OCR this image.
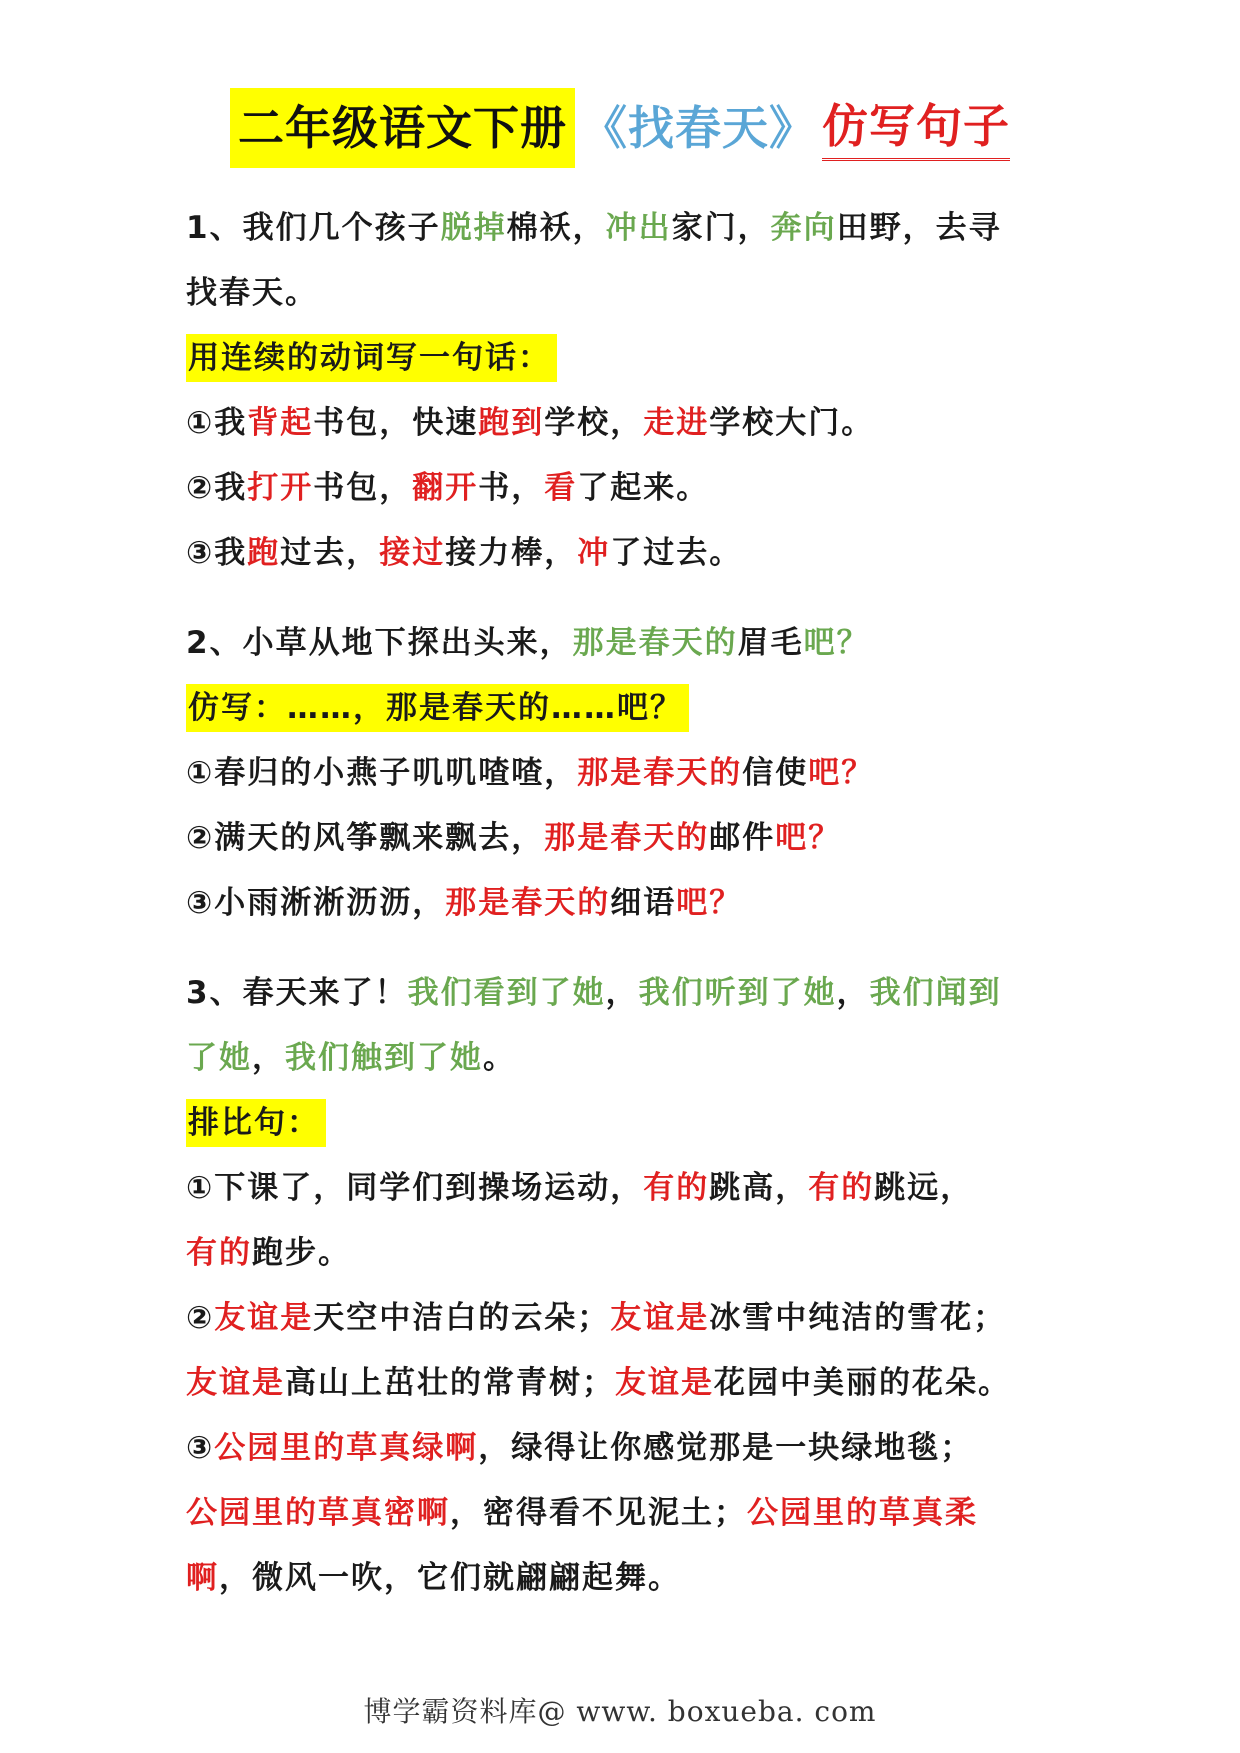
二年级语文下册 《找春天》 仿写句子
1、我们几个孩子脱掉棉袄，冲出家门，奔向田野，去寻
找春天。
用连续的动词写一句话：
①我背起书包，快速跑到学校，走进学校大门。
②我打开书包，翻开书，看了起来。
③我跑过去，接过接力棒，冲了过去。
2、小草从地下探出头来，那是春天的眉毛吧？
仿写：……，那是春天的……吧？
①春归的小燕子叽叽喳喳，那是春天的信使吧？
②满天的风筝飘来飘去，那是春天的邮件吧？
③小雨淅淅沥沥，那是春天的细语吧？
3、春天来了！我们看到了她，我们听到了她，我们闻到
了她，我们触到了她。
排比句：
①下课了，同学们到操场运动，有的跳高，有的跳远，
有的跑步。
②友谊是天空中洁白的云朵；友谊是冰雪中纯洁的雪花；
友谊是高山上茁壮的常青树；友谊是花园中美丽的花朵。
③公园里的草真绿啊，绿得让你感觉那是一块绿地毯；
公园里的草真密啊，密得看不见泥土；公园里的草真柔
啊，微风一吹，它们就翩翩起舞。
博学霸资料库@ www. boxueba. com
